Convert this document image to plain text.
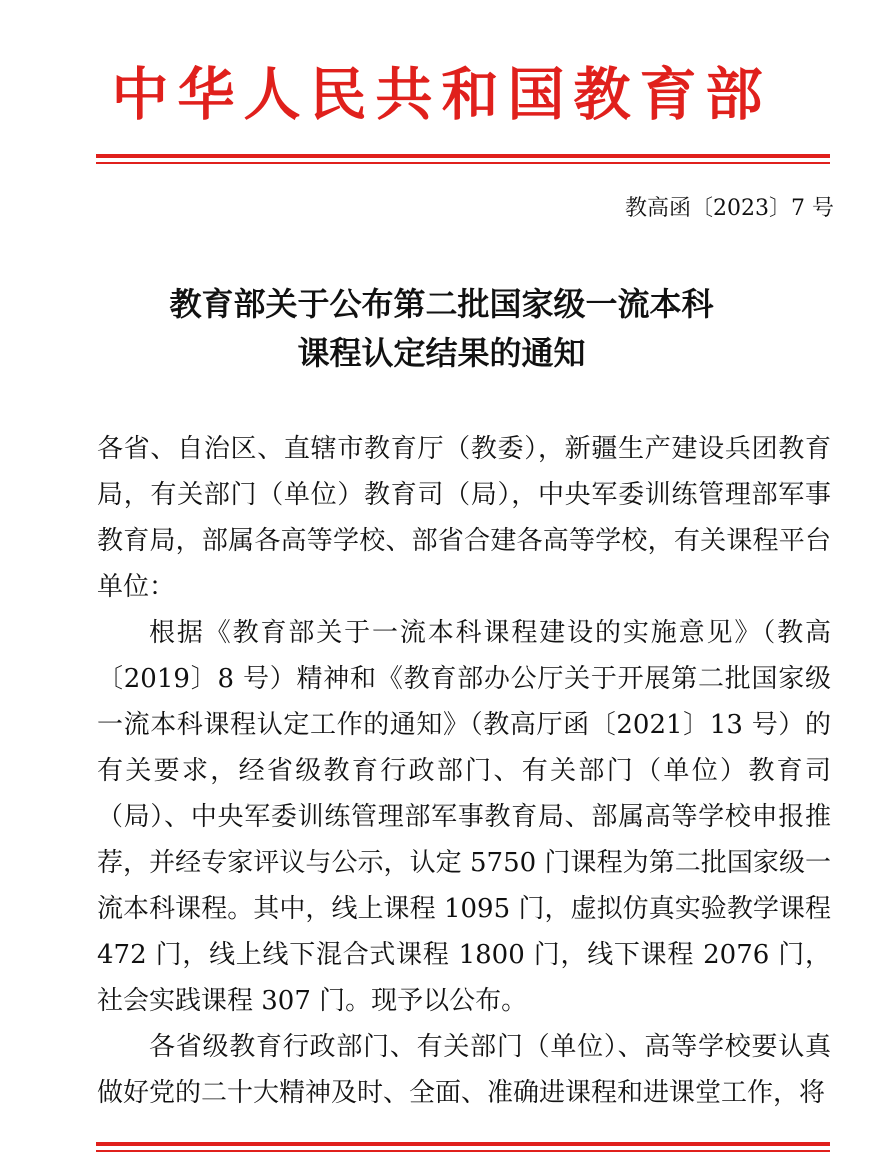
中华人民共和国教育部
教高函〔2023〕7 号
教育部关于公布第二批国家级一流本科
课程认定结果的通知

各省、自治区、直辖市教育厅（教委），新疆生产建设兵团教育局，有关部门（单位）教育司（局），中央军委训练管理部军事教育局，部属各高等学校、部省合建各高等学校，有关课程平台单位：

根据《教育部关于一流本科课程建设的实施意见》（教高〔2019〕8 号）精神和《教育部办公厅关于开展第二批国家级一流本科课程认定工作的通知》（教高厅函〔2021〕13 号）的有关要求，经省级教育行政部门、有关部门（单位）教育司（局）、中央军委训练管理部军事教育局、部属高等学校申报推荐，并经专家评议与公示，认定 5750 门课程为第二批国家级一流本科课程。其中，线上课程 1095 门，虚拟仿真实验教学课程 472 门，线上线下混合式课程 1800 门，线下课程 2076 门，社会实践课程 307 门。现予以公布。

各省级教育行政部门、有关部门（单位）、高等学校要认真做好党的二十大精神及时、全面、准确进课程和进课堂工作，将
